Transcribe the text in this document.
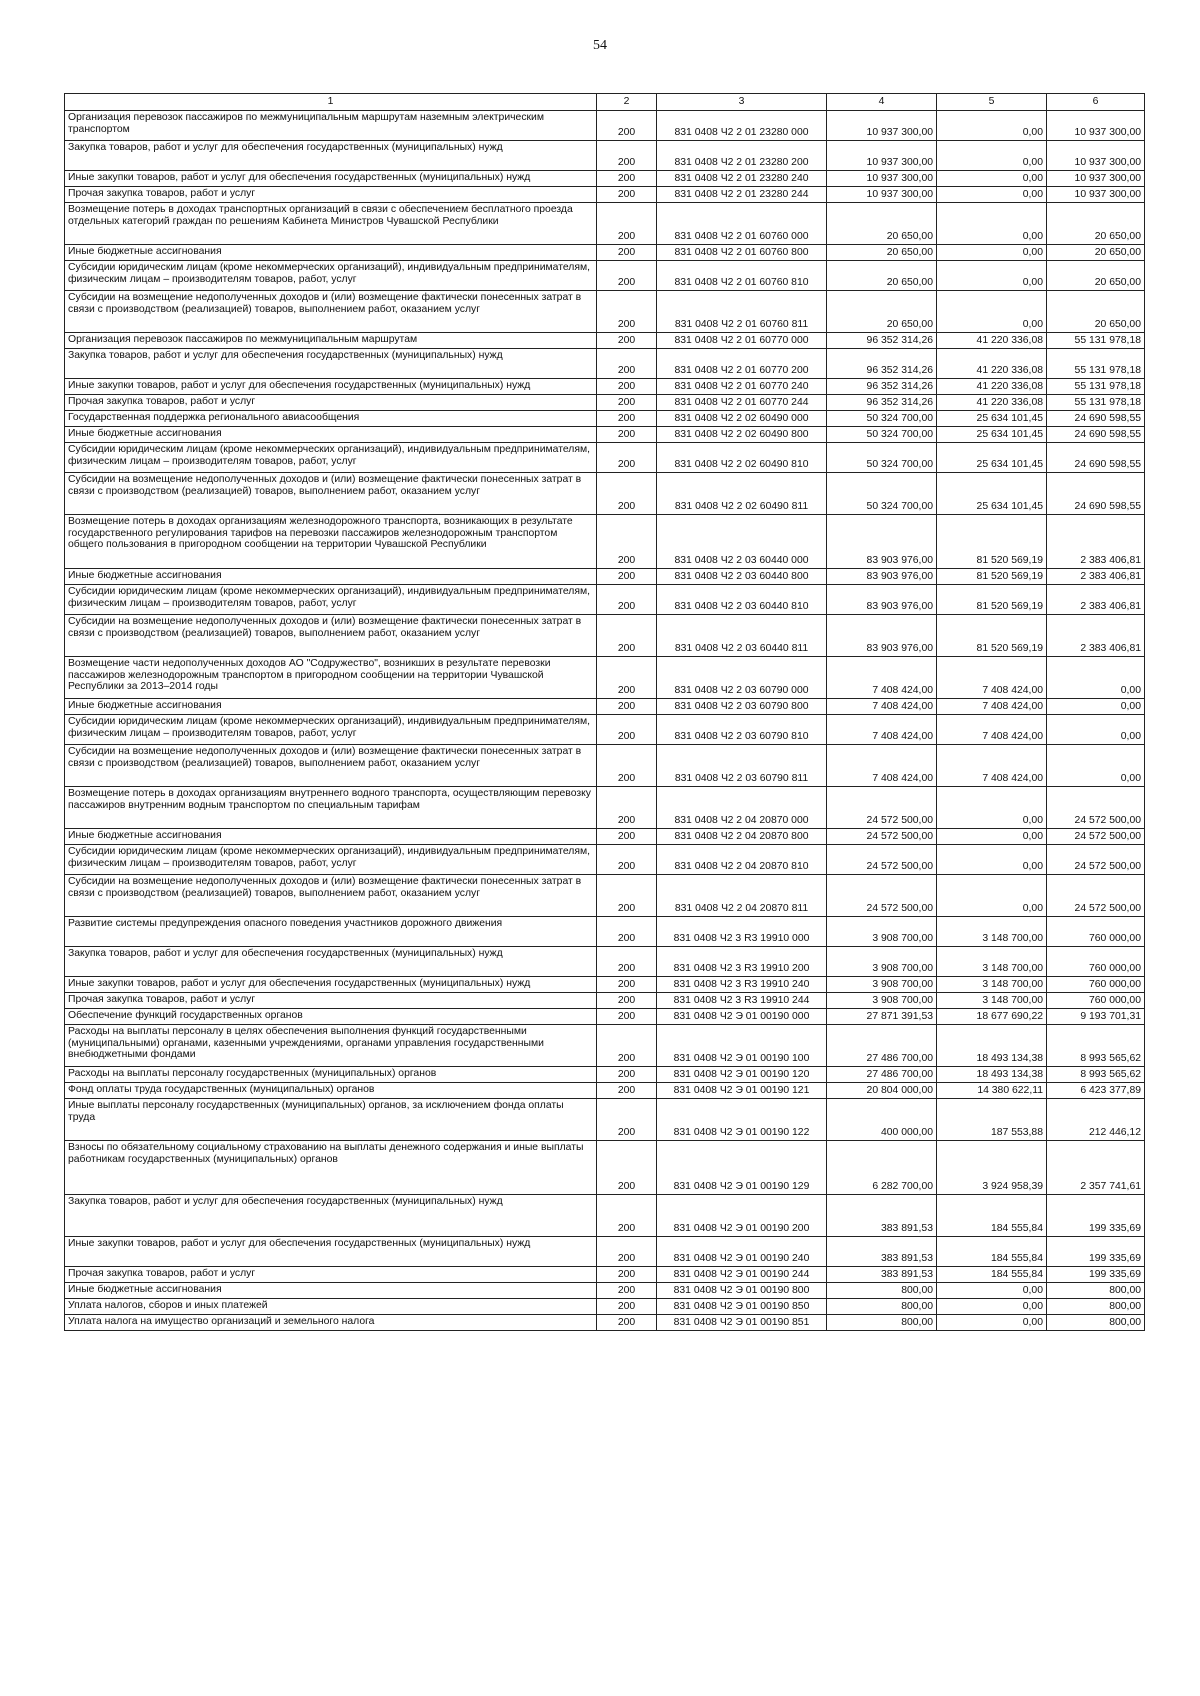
54
1	2	3	4	5	6
Организация перевозок пассажиров по межмуниципальным маршрутам наземным электрическим транспортом	200	831 0408 Ч2 2 01 23280 000	10 937 300,00	0,00	10 937 300,00
Закупка товаров, работ и услуг для обеспечения государственных (муниципальных) нужд	200	831 0408 Ч2 2 01 23280 200	10 937 300,00	0,00	10 937 300,00
Иные закупки товаров, работ и услуг для обеспечения государственных (муниципальных) нужд	200	831 0408 Ч2 2 01 23280 240	10 937 300,00	0,00	10 937 300,00
Прочая закупка товаров, работ и услуг	200	831 0408 Ч2 2 01 23280 244	10 937 300,00	0,00	10 937 300,00
Возмещение потерь в доходах транспортных организаций в связи с обеспечением бесплатного проезда отдельных категорий граждан по решениям Кабинета Министров Чувашской Республики	200	831 0408 Ч2 2 01 60760 000	20 650,00	0,00	20 650,00
Иные бюджетные ассигнования	200	831 0408 Ч2 2 01 60760 800	20 650,00	0,00	20 650,00
Субсидии юридическим лицам (кроме некоммерческих организаций), индивидуальным предпринимателям, физическим лицам – производителям товаров, работ, услуг	200	831 0408 Ч2 2 01 60760 810	20 650,00	0,00	20 650,00
Субсидии на возмещение недополученных доходов и (или) возмещение фактически понесенных затрат в связи с производством (реализацией) товаров, выполнением работ, оказанием услуг	200	831 0408 Ч2 2 01 60760 811	20 650,00	0,00	20 650,00
Организация перевозок пассажиров по межмуниципальным маршрутам	200	831 0408 Ч2 2 01 60770 000	96 352 314,26	41 220 336,08	55 131 978,18
Закупка товаров, работ и услуг для обеспечения государственных (муниципальных) нужд	200	831 0408 Ч2 2 01 60770 200	96 352 314,26	41 220 336,08	55 131 978,18
Иные закупки товаров, работ и услуг для обеспечения государственных (муниципальных) нужд	200	831 0408 Ч2 2 01 60770 240	96 352 314,26	41 220 336,08	55 131 978,18
Прочая закупка товаров, работ и услуг	200	831 0408 Ч2 2 01 60770 244	96 352 314,26	41 220 336,08	55 131 978,18
Государственная поддержка регионального авиасообщения	200	831 0408 Ч2 2 02 60490 000	50 324 700,00	25 634 101,45	24 690 598,55
Иные бюджетные ассигнования	200	831 0408 Ч2 2 02 60490 800	50 324 700,00	25 634 101,45	24 690 598,55
Субсидии юридическим лицам (кроме некоммерческих организаций), индивидуальным предпринимателям, физическим лицам – производителям товаров, работ, услуг	200	831 0408 Ч2 2 02 60490 810	50 324 700,00	25 634 101,45	24 690 598,55
Субсидии на возмещение недополученных доходов и (или) возмещение фактически понесенных затрат в связи с производством (реализацией) товаров, выполнением работ, оказанием услуг	200	831 0408 Ч2 2 02 60490 811	50 324 700,00	25 634 101,45	24 690 598,55
Возмещение потерь в доходах организациям железнодорожного транспорта, возникающих в результате государственного регулирования тарифов на перевозки пассажиров железнодорожным транспортом общего пользования в пригородном сообщении на территории Чувашской Республики	200	831 0408 Ч2 2 03 60440 000	83 903 976,00	81 520 569,19	2 383 406,81
Иные бюджетные ассигнования	200	831 0408 Ч2 2 03 60440 800	83 903 976,00	81 520 569,19	2 383 406,81
Субсидии юридическим лицам (кроме некоммерческих организаций), индивидуальным предпринимателям, физическим лицам – производителям товаров, работ, услуг	200	831 0408 Ч2 2 03 60440 810	83 903 976,00	81 520 569,19	2 383 406,81
Субсидии на возмещение недополученных доходов и (или) возмещение фактически понесенных затрат в связи с производством (реализацией) товаров, выполнением работ, оказанием услуг	200	831 0408 Ч2 2 03 60440 811	83 903 976,00	81 520 569,19	2 383 406,81
Возмещение части недополученных доходов АО "Содружество", возникших в результате перевозки пассажиров железнодорожным транспортом в пригородном сообщении на территории Чувашской Республики за 2013–2014 годы	200	831 0408 Ч2 2 03 60790 000	7 408 424,00	7 408 424,00	0,00
Иные бюджетные ассигнования	200	831 0408 Ч2 2 03 60790 800	7 408 424,00	7 408 424,00	0,00
Субсидии юридическим лицам (кроме некоммерческих организаций), индивидуальным предпринимателям, физическим лицам – производителям товаров, работ, услуг	200	831 0408 Ч2 2 03 60790 810	7 408 424,00	7 408 424,00	0,00
Субсидии на возмещение недополученных доходов и (или) возмещение фактически понесенных затрат в связи с производством (реализацией) товаров, выполнением работ, оказанием услуг	200	831 0408 Ч2 2 03 60790 811	7 408 424,00	7 408 424,00	0,00
Возмещение потерь в доходах организациям внутреннего водного транспорта, осуществляющим перевозку пассажиров внутренним водным транспортом по специальным тарифам	200	831 0408 Ч2 2 04 20870 000	24 572 500,00	0,00	24 572 500,00
Иные бюджетные ассигнования	200	831 0408 Ч2 2 04 20870 800	24 572 500,00	0,00	24 572 500,00
Субсидии юридическим лицам (кроме некоммерческих организаций), индивидуальным предпринимателям, физическим лицам – производителям товаров, работ, услуг	200	831 0408 Ч2 2 04 20870 810	24 572 500,00	0,00	24 572 500,00
Субсидии на возмещение недополученных доходов и (или) возмещение фактически понесенных затрат в связи с производством (реализацией) товаров, выполнением работ, оказанием услуг	200	831 0408 Ч2 2 04 20870 811	24 572 500,00	0,00	24 572 500,00
Развитие системы предупреждения опасного поведения участников дорожного движения	200	831 0408 Ч2 3 R3 19910 000	3 908 700,00	3 148 700,00	760 000,00
Закупка товаров, работ и услуг для обеспечения государственных (муниципальных) нужд	200	831 0408 Ч2 3 R3 19910 200	3 908 700,00	3 148 700,00	760 000,00
Иные закупки товаров, работ и услуг для обеспечения государственных (муниципальных) нужд	200	831 0408 Ч2 3 R3 19910 240	3 908 700,00	3 148 700,00	760 000,00
Прочая закупка товаров, работ и услуг	200	831 0408 Ч2 3 R3 19910 244	3 908 700,00	3 148 700,00	760 000,00
Обеспечение функций государственных органов	200	831 0408 Ч2 Э 01 00190 000	27 871 391,53	18 677 690,22	9 193 701,31
Расходы на выплаты персоналу в целях обеспечения выполнения функций государственными (муниципальными) органами, казенными учреждениями, органами управления государственными внебюджетными фондами	200	831 0408 Ч2 Э 01 00190 100	27 486 700,00	18 493 134,38	8 993 565,62
Расходы на выплаты персоналу государственных (муниципальных) органов	200	831 0408 Ч2 Э 01 00190 120	27 486 700,00	18 493 134,38	8 993 565,62
Фонд оплаты труда государственных (муниципальных) органов	200	831 0408 Ч2 Э 01 00190 121	20 804 000,00	14 380 622,11	6 423 377,89
Иные выплаты персоналу государственных (муниципальных) органов, за исключением фонда оплаты труда	200	831 0408 Ч2 Э 01 00190 122	400 000,00	187 553,88	212 446,12
Взносы по обязательному социальному страхованию на выплаты денежного содержания и иные выплаты работникам государственных (муниципальных) органов	200	831 0408 Ч2 Э 01 00190 129	6 282 700,00	3 924 958,39	2 357 741,61
Закупка товаров, работ и услуг для обеспечения государственных (муниципальных) нужд	200	831 0408 Ч2 Э 01 00190 200	383 891,53	184 555,84	199 335,69
Иные закупки товаров, работ и услуг для обеспечения государственных (муниципальных) нужд	200	831 0408 Ч2 Э 01 00190 240	383 891,53	184 555,84	199 335,69
Прочая закупка товаров, работ и услуг	200	831 0408 Ч2 Э 01 00190 244	383 891,53	184 555,84	199 335,69
Иные бюджетные ассигнования	200	831 0408 Ч2 Э 01 00190 800	800,00	0,00	800,00
Уплата налогов, сборов и иных платежей	200	831 0408 Ч2 Э 01 00190 850	800,00	0,00	800,00
Уплата налога на имущество организаций и земельного налога	200	831 0408 Ч2 Э 01 00190 851	800,00	0,00	800,00
